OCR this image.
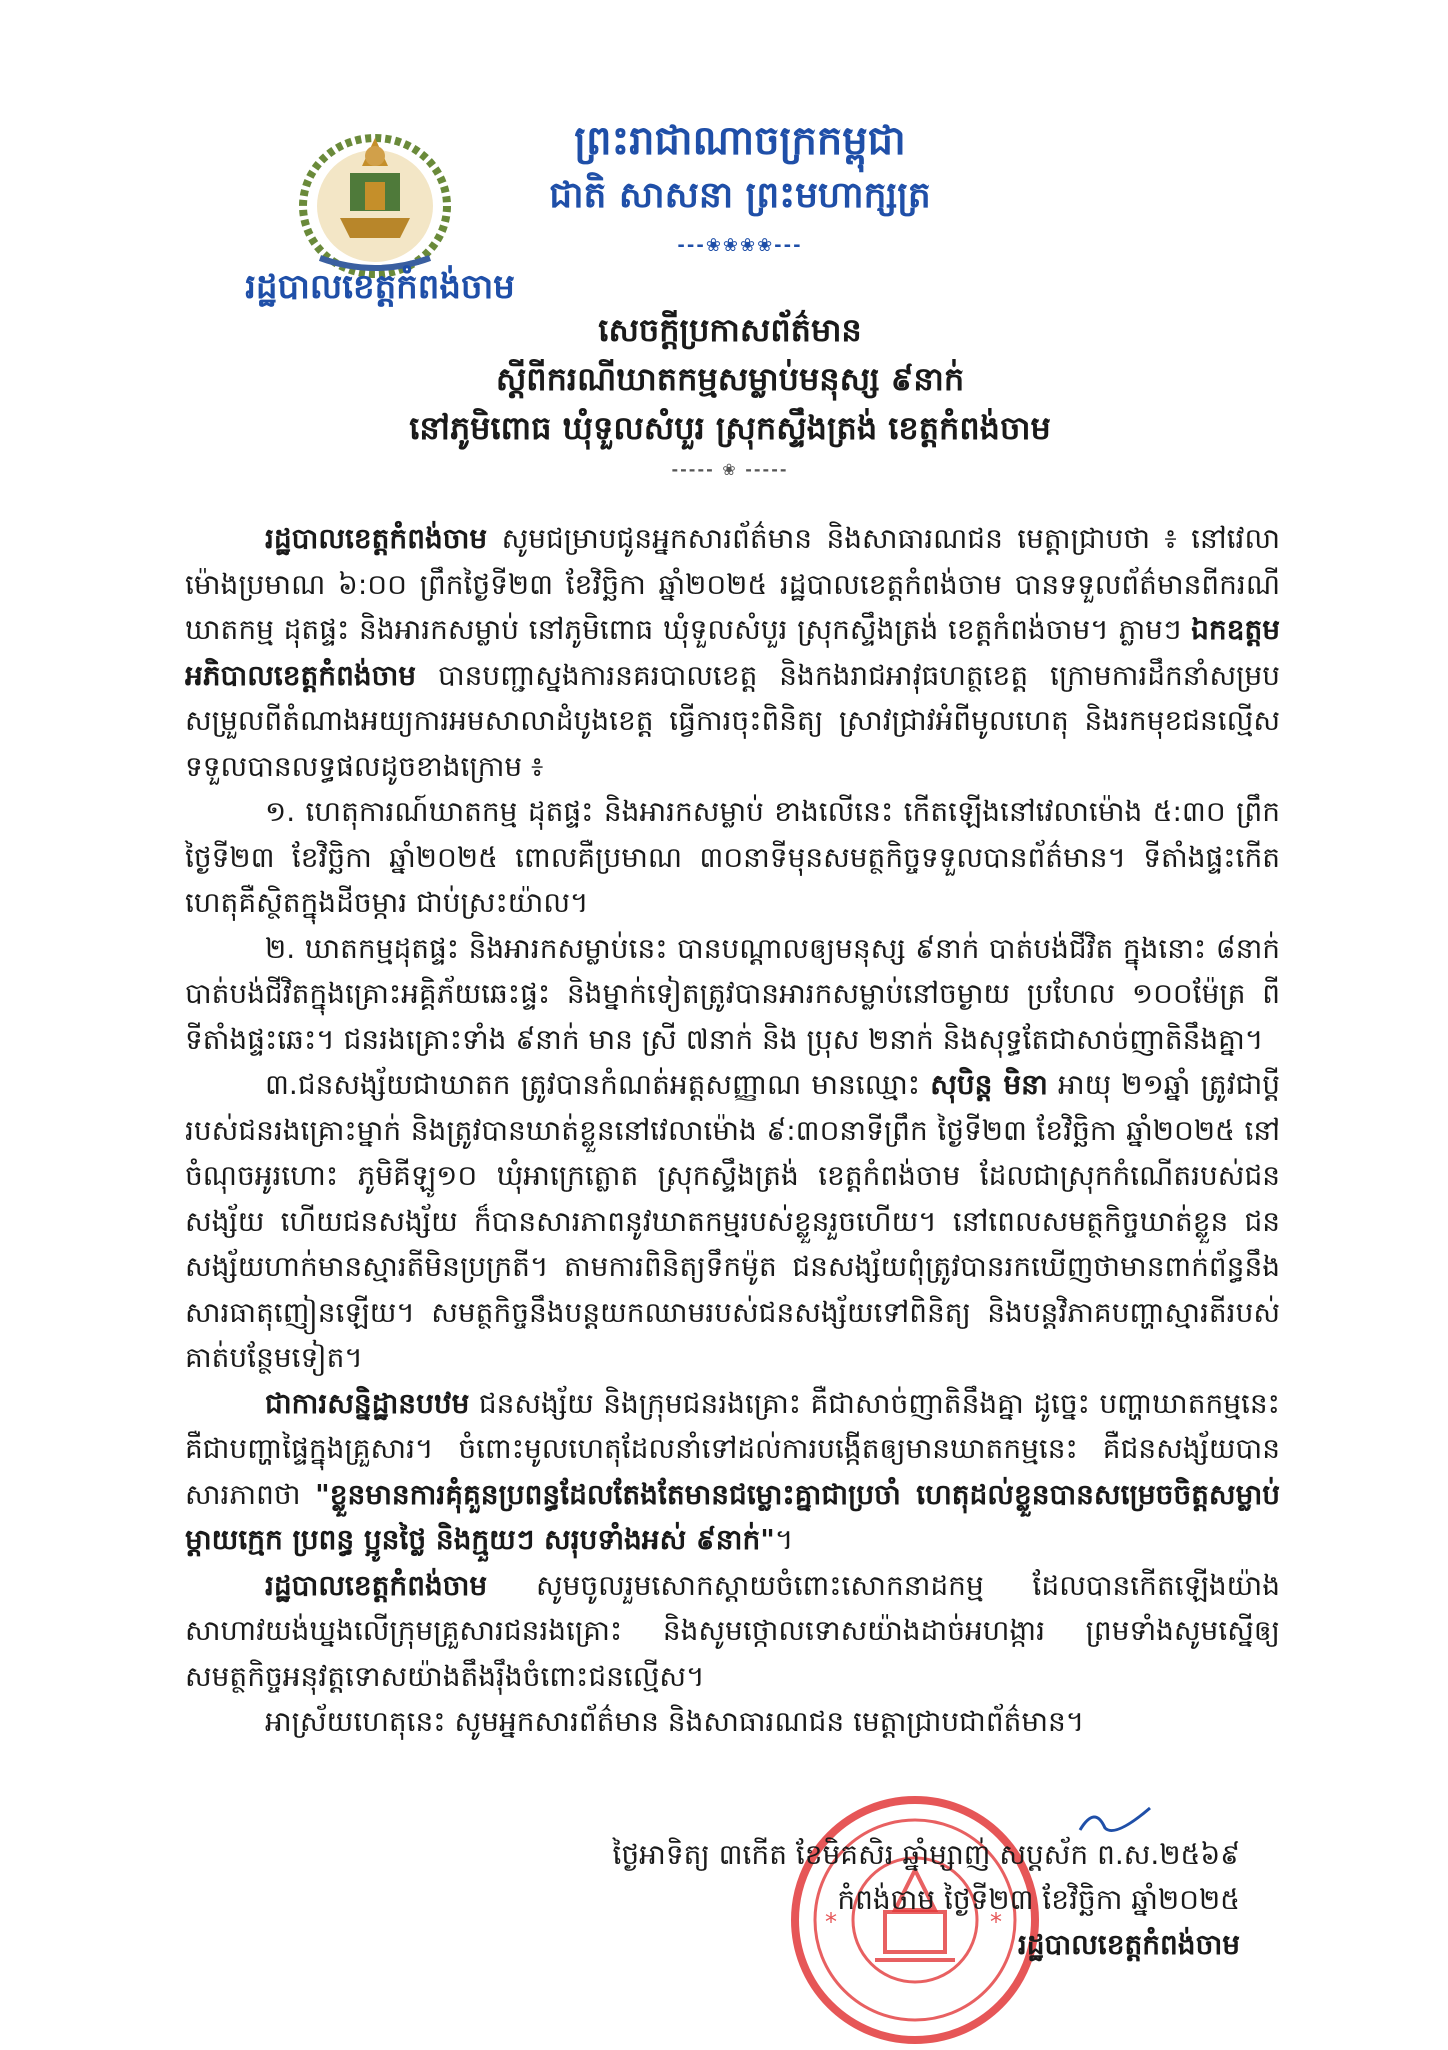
ព្រះរាជាណាចក្រកម្ពុជា
ជាតិ សាសនា ព្រះមហាក្សត្រ
---❀❀❀❀---
រដ្ឋបាលខេត្តកំពង់ចាម
សេចក្តីប្រកាសព័ត៌មាន
ស្តីពីករណីឃាតកម្មសម្លាប់មនុស្ស ៩នាក់
នៅភូមិពោធ ឃុំទួលសំបួរ ស្រុកស្ទឹងត្រង់ ខេត្តកំពង់ចាម
----- ❀ -----

រដ្ឋបាលខេត្តកំពង់ចាម សូមជម្រាបជូនអ្នកសារព័ត៌មាន និងសាធារណជន មេត្តាជ្រាបថា ៖ នៅវេលាម៉ោងប្រមាណ ៦:០០ ព្រឹកថ្ងៃទី២៣ ខែវិច្ឆិកា ឆ្នាំ២០២៥ រដ្ឋបាលខេត្តកំពង់ចាម បានទទួលព័ត៌មានពីករណីឃាតកម្ម ដុតផ្ទះ និងអារកសម្លាប់ នៅភូមិពោធ ឃុំទួលសំបួរ ស្រុកស្ទឹងត្រង់ ខេត្តកំពង់ចាម។ ភ្លាមៗ ឯកឧត្តមអភិបាលខេត្តកំពង់ចាម បានបញ្ជាស្នងការនគរបាលខេត្ត និងកងរាជអាវុធហត្ថខេត្ត ក្រោមការដឹកនាំសម្របសម្រួលពីតំណាងអយ្យការអមសាលាដំបូងខេត្ត ធ្វើការចុះពិនិត្យ ស្រាវជ្រាវអំពីមូលហេតុ និងរកមុខជនល្មើស ទទួលបានលទ្ធផលដូចខាងក្រោម ៖

១. ហេតុការណ៍ឃាតកម្ម ដុតផ្ទះ និងអារកសម្លាប់ ខាងលើនេះ កើតឡើងនៅវេលាម៉ោង ៥:៣០ ព្រឹក ថ្ងៃទី២៣ ខែវិច្ឆិកា ឆ្នាំ២០២៥ ពោលគឺប្រមាណ ៣០នាទីមុនសមត្ថកិច្ចទទួលបានព័ត៌មាន។ ទីតាំងផ្ទះកើតហេតុគឺស្ថិតក្នុងដីចម្ការ ជាប់ស្រះយ៉ាល។

២. ឃាតកម្មដុតផ្ទះ និងអារកសម្លាប់នេះ បានបណ្តាលឲ្យមនុស្ស ៩នាក់ បាត់បង់ជីវិត ក្នុងនោះ ៨នាក់ បាត់បង់ជីវិតក្នុងគ្រោះអគ្គិភ័យឆេះផ្ទះ និងម្នាក់ទៀតត្រូវបានអារកសម្លាប់នៅចម្ងាយ ប្រហែល ១០០ម៉ែត្រ ពីទីតាំងផ្ទះឆេះ។ ជនរងគ្រោះទាំង ៩នាក់ មាន ស្រី ៧នាក់ និង ប្រុស ២នាក់ និងសុទ្ធតែជាសាច់ញាតិនឹងគ្នា។

៣.ជនសង្ស័យជាឃាតក ត្រូវបានកំណត់អត្តសញ្ញាណ មានឈ្មោះ សុបិន្ត មិនា អាយុ ២១ឆ្នាំ ត្រូវជាប្តីរបស់ជនរងគ្រោះម្នាក់ និងត្រូវបានឃាត់ខ្លួននៅវេលាម៉ោង ៩:៣០នាទីព្រឹក ថ្ងៃទី២៣ ខែវិច្ឆិកា ឆ្នាំ២០២៥ នៅចំណុចអូរហោះ ភូមិគីឡូ១០ ឃុំអាក្រេត្លោត ស្រុកស្ទឹងត្រង់ ខេត្តកំពង់ចាម ដែលជាស្រុកកំណើតរបស់ជនសង្ស័យ ហើយជនសង្ស័យ ក៏បានសារភាពនូវឃាតកម្មរបស់ខ្លួនរួចហើយ។ នៅពេលសមត្ថកិច្ចឃាត់ខ្លួន ជនសង្ស័យហាក់មានស្មារតីមិនប្រក្រតី។ តាមការពិនិត្យទឹកម៉ូត ជនសង្ស័យពុំត្រូវបានរកឃើញថាមានពាក់ព័ន្ធនឹងសារធាតុញៀនឡើយ។ សមត្ថកិច្ចនឹងបន្តយកឈាមរបស់ជនសង្ស័យទៅពិនិត្យ និងបន្តវិភាគបញ្ហាស្មារតីរបស់គាត់បន្ថែមទៀត។

ជាការសន្និដ្ឋានបឋម ជនសង្ស័យ និងក្រុមជនរងគ្រោះ គឺជាសាច់ញាតិនឹងគ្នា ដូច្នេះ បញ្ហាឃាតកម្មនេះ គឺជាបញ្ហាផ្ទៃក្នុងគ្រួសារ។ ចំពោះមូលហេតុដែលនាំទៅដល់ការបង្កើតឲ្យមានឃាតកម្មនេះ គឺជនសង្ស័យបានសារភាពថា "ខ្លួនមានការគុំគួនប្រពន្ធដែលតែងតែមានជម្លោះគ្នាជាប្រចាំ ហេតុដល់ខ្លួនបានសម្រេចចិត្តសម្លាប់ម្តាយក្មេក ប្រពន្ធ ប្អូនថ្លៃ និងក្មួយៗ សរុបទាំងអស់ ៩នាក់"។

រដ្ឋបាលខេត្តកំពង់ចាម សូមចូលរួមសោកស្តាយចំពោះសោកនាដកម្ម ដែលបានកើតឡើងយ៉ាងសាហាវយង់ឃ្នងលើក្រុមគ្រួសារជនរងគ្រោះ និងសូមថ្កោលទោសយ៉ាងដាច់អហង្ការ ព្រមទាំងសូមស្នើឲ្យសមត្ថកិច្ចអនុវត្តទោសយ៉ាងតឹងរ៉ឹងចំពោះជនល្មើស។

អាស្រ័យហេតុនេះ សូមអ្នកសារព័ត៌មាន និងសាធារណជន មេត្តាជ្រាបជាព័ត៌មាន។

*	*
ថ្ងៃអាទិត្យ ៣កើត ខែមិគសិរ ឆ្នាំម្សាញ់ សប្តស័ក ព.ស.២៥៦៩
កំពង់ចាម ថ្ងៃទី២៣ ខែវិច្ឆិកា ឆ្នាំ២០២៥
រដ្ឋបាលខេត្តកំពង់ចាម
